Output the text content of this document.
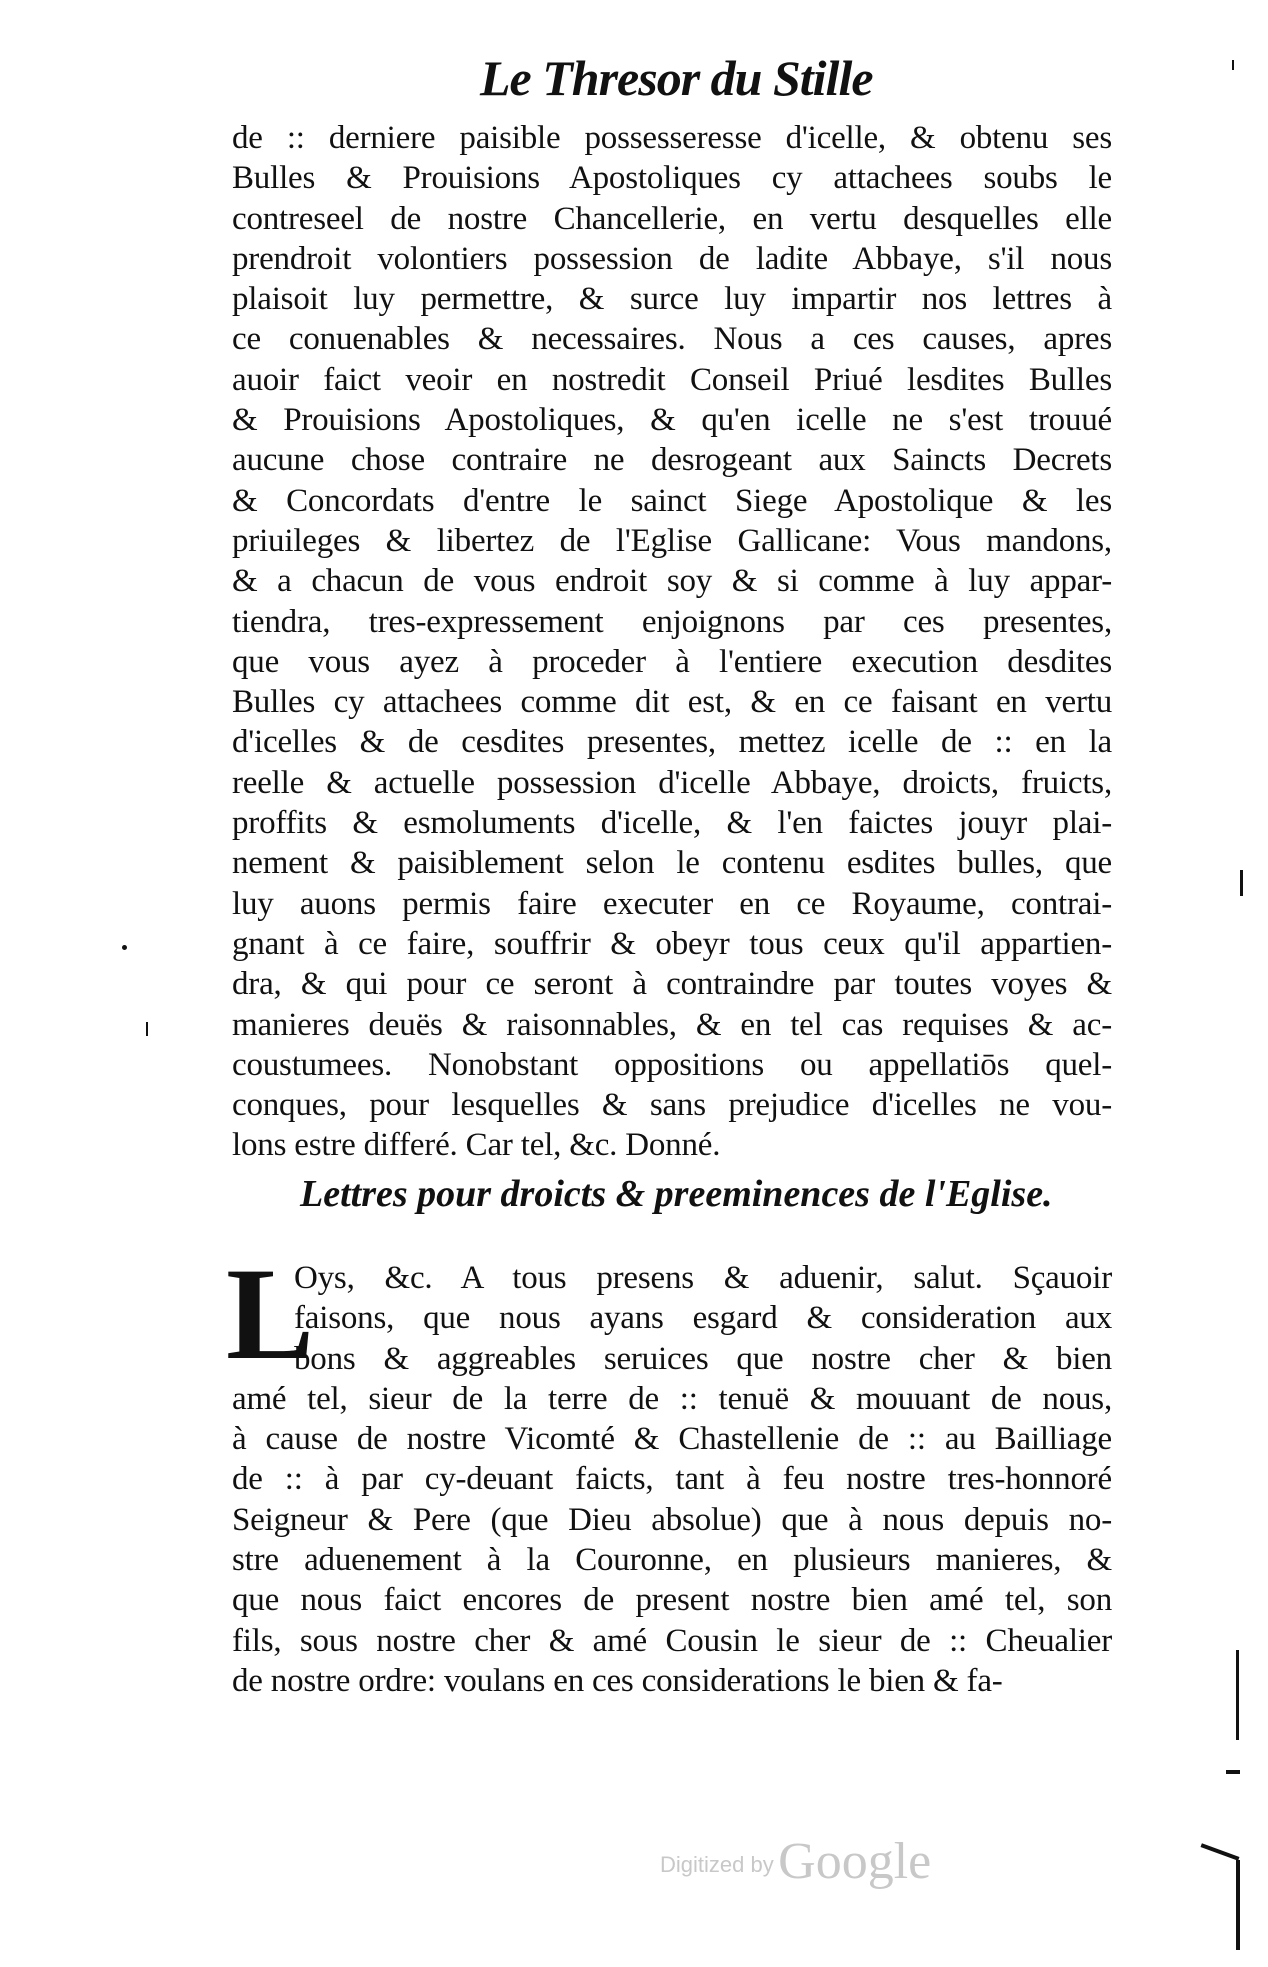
Le Thresor du Stille
de :: derniere paisible possesseresse d'icelle, & obtenu ses
Bulles & Prouisions Apostoliques cy attachees soubs le
contreseel de nostre Chancellerie, en vertu desquelles elle
prendroit volontiers possession de ladite Abbaye, s'il nous
plaisoit luy permettre, & surce luy impartir nos lettres à
ce conuenables & necessaires. Nous a ces causes, apres
auoir faict veoir en nostredit Conseil Priué lesdites Bulles
& Prouisions Apostoliques, & qu'en icelle ne s'est trouué
aucune chose contraire ne desrogeant aux Saincts Decrets
& Concordats d'entre le sainct Siege Apostolique & les
priuileges & libertez de l'Eglise Gallicane: Vous mandons,
& a chacun de vous endroit soy & si comme à luy appar-
tiendra, tres-expressement enjoignons par ces presentes,
que vous ayez à proceder à l'entiere execution desdites
Bulles cy attachees comme dit est, & en ce faisant en vertu
d'icelles & de cesdites presentes, mettez icelle de :: en la
reelle & actuelle possession d'icelle Abbaye, droicts, fruicts,
proffits & esmoluments d'icelle, & l'en faictes jouyr plai-
nement & paisiblement selon le contenu esdites bulles, que
luy auons permis faire executer en ce Royaume, contrai-
gnant à ce faire, souffrir & obeyr tous ceux qu'il appartien-
dra, & qui pour ce seront à contraindre par toutes voyes &
manieres deuës & raisonnables, & en tel cas requises & ac-
coustumees. Nonobstant oppositions ou appellatiōs quel-
conques, pour lesquelles & sans prejudice d'icelles ne vou-
lons estre differé. Car tel, &c. Donné.
Lettres pour droicts & preeminences de l'Eglise.
L
Oys, &c. A tous presens & aduenir, salut. Sçauoir
faisons, que nous ayans esgard & consideration aux
bons & aggreables seruices que nostre cher & bien
amé tel, sieur de la terre de :: tenuë & mouuant de nous,
à cause de nostre Vicomté & Chastellenie de :: au Bailliage
de :: à par cy-deuant faicts, tant à feu nostre tres-honnoré
Seigneur & Pere (que Dieu absolue) que à nous depuis no-
stre aduenement à la Couronne, en plusieurs manieres, &
que nous faict encores de present nostre bien amé tel, son
fils, sous nostre cher & amé Cousin le sieur de :: Cheualier
de nostre ordre: voulans en ces considerations le bien & fa-
Digitized by Google
